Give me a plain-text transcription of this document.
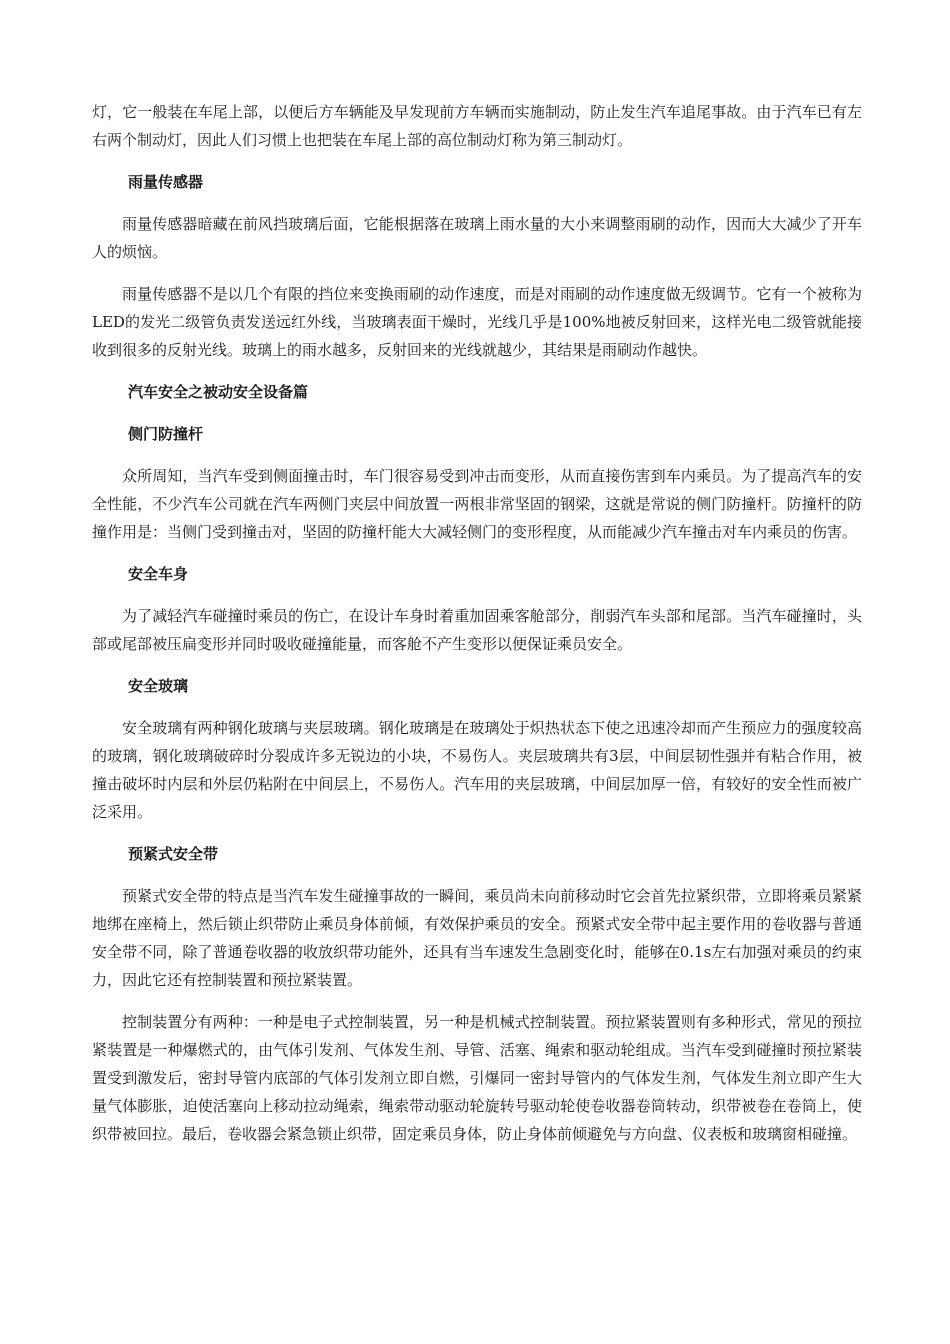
灯，它一般装在车尾上部，以便后方车辆能及早发现前方车辆而实施制动，防止发生汽车追尾事故。由于汽车已有左右两个制动灯，因此人们习惯上也把装在车尾上部的高位制动灯称为第三制动灯。

雨量传感器

雨量传感器暗藏在前风挡玻璃后面，它能根据落在玻璃上雨水量的大小来调整雨刷的动作，因而大大减少了开车人的烦恼。

雨量传感器不是以几个有限的挡位来变换雨刷的动作速度，而是对雨刷的动作速度做无级调节。它有一个被称为LED的发光二级管负责发送远红外线，当玻璃表面干燥时，光线几乎是100%地被反射回来，这样光电二级管就能接收到很多的反射光线。玻璃上的雨水越多，反射回来的光线就越少，其结果是雨刷动作越快。

汽车安全之被动安全设备篇

侧门防撞杆

众所周知，当汽车受到侧面撞击时，车门很容易受到冲击而变形，从而直接伤害到车内乘员。为了提高汽车的安全性能，不少汽车公司就在汽车两侧门夹层中间放置一两根非常坚固的钢梁，这就是常说的侧门防撞杆。防撞杆的防撞作用是：当侧门受到撞击对，坚固的防撞杆能大大减轻侧门的变形程度，从而能减少汽车撞击对车内乘员的伤害。

安全车身

为了减轻汽车碰撞时乘员的伤亡，在设计车身时着重加固乘客舱部分，削弱汽车头部和尾部。当汽车碰撞时，头部或尾部被压扁变形并同时吸收碰撞能量，而客舱不产生变形以便保证乘员安全。

安全玻璃

安全玻璃有两种钢化玻璃与夹层玻璃。钢化玻璃是在玻璃处于炽热状态下使之迅速冷却而产生预应力的强度较高的玻璃，钢化玻璃破碎时分裂成许多无锐边的小块，不易伤人。夹层玻璃共有3层，中间层韧性强并有粘合作用，被撞击破坏时内层和外层仍粘附在中间层上，不易伤人。汽车用的夹层玻璃，中间层加厚一倍，有较好的安全性而被广泛采用。

预紧式安全带

预紧式安全带的特点是当汽车发生碰撞事故的一瞬间，乘员尚未向前移动时它会首先拉紧织带，立即将乘员紧紧地绑在座椅上，然后锁止织带防止乘员身体前倾，有效保护乘员的安全。预紧式安全带中起主要作用的卷收器与普通安全带不同，除了普通卷收器的收放织带功能外，还具有当车速发生急剧变化时，能够在0.1s左右加强对乘员的约束力，因此它还有控制装置和预拉紧装置。

控制装置分有两种：一种是电子式控制装置，另一种是机械式控制装置。预拉紧装置则有多种形式，常见的预拉紧装置是一种爆燃式的，由气体引发剂、气体发生剂、导管、活塞、绳索和驱动轮组成。当汽车受到碰撞时预拉紧装置受到激发后，密封导管内底部的气体引发剂立即自燃，引爆同一密封导管内的气体发生剂，气体发生剂立即产生大量气体膨胀，迫使活塞向上移动拉动绳索，绳索带动驱动轮旋转号驱动轮使卷收器卷筒转动，织带被卷在卷筒上，使织带被回拉。最后，卷收器会紧急锁止织带，固定乘员身体，防止身体前倾避免与方向盘、仪表板和玻璃窗相碰撞。
